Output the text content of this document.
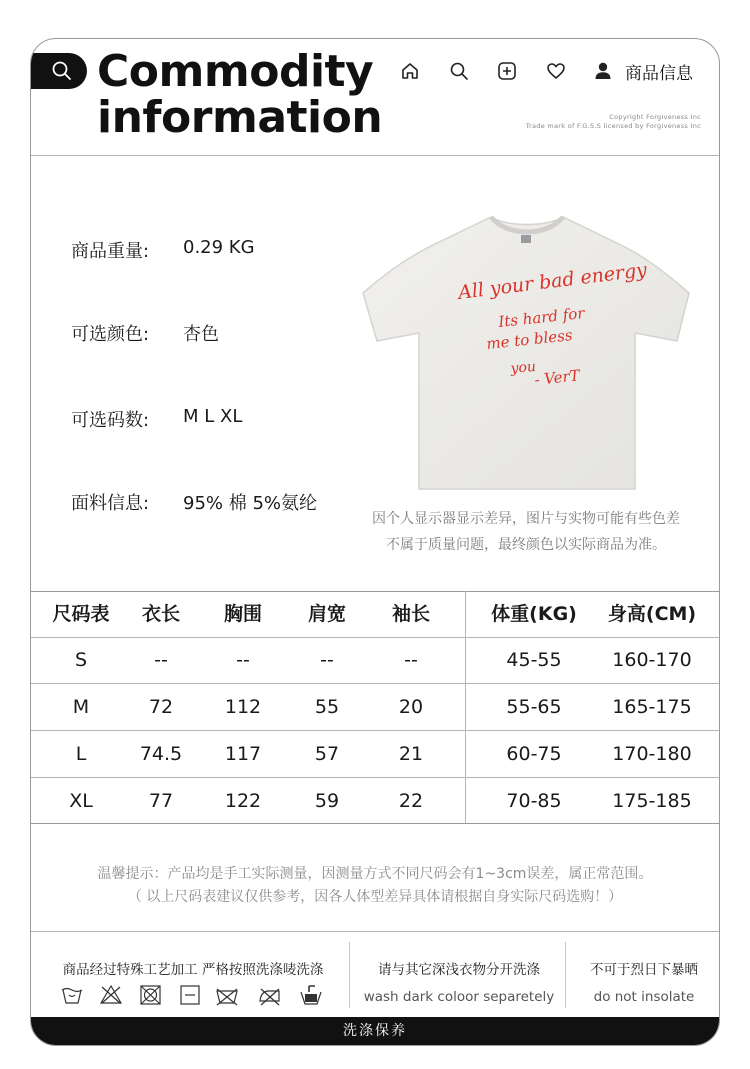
Commodity
information
商品信息
Copyright Forgiveness Inc
Trade mark of F.G.S.S licensed by Forgiveness Inc
商品重量: 0.29 KG
可选颜色: 杏色
可选码数: M L XL
面料信息: 95% 棉 5%氨纶
All your bad energy
Its hard for
me to bless
you
- VerT
因个人显示器显示差异，图片与实物可能有些色差
不属于质量问题，最终颜色以实际商品为准。
尺码表	衣长	胸围	肩宽	袖长	体重(KG)	身高(CM)
S	--	--	--	--	45-55	160-170
M	72	112	55	20	55-65	165-175
L	74.5	117	57	21	60-75	170-180
XL	77	122	59	22	70-85	175-185
温馨提示：产品均是手工实际测量，因测量方式不同尺码会有1~3cm误差，属正常范围。
（ 以上尺码表建议仅供参考，因各人体型差异具体请根据自身实际尺码选购！）
商品经过特殊工艺加工 严格按照洗涤唛洗涤	请与其它深浅衣物分开洗涤
wash dark coloor separetely
不可于烈日下暴晒
do not insolate
洗涤保养
